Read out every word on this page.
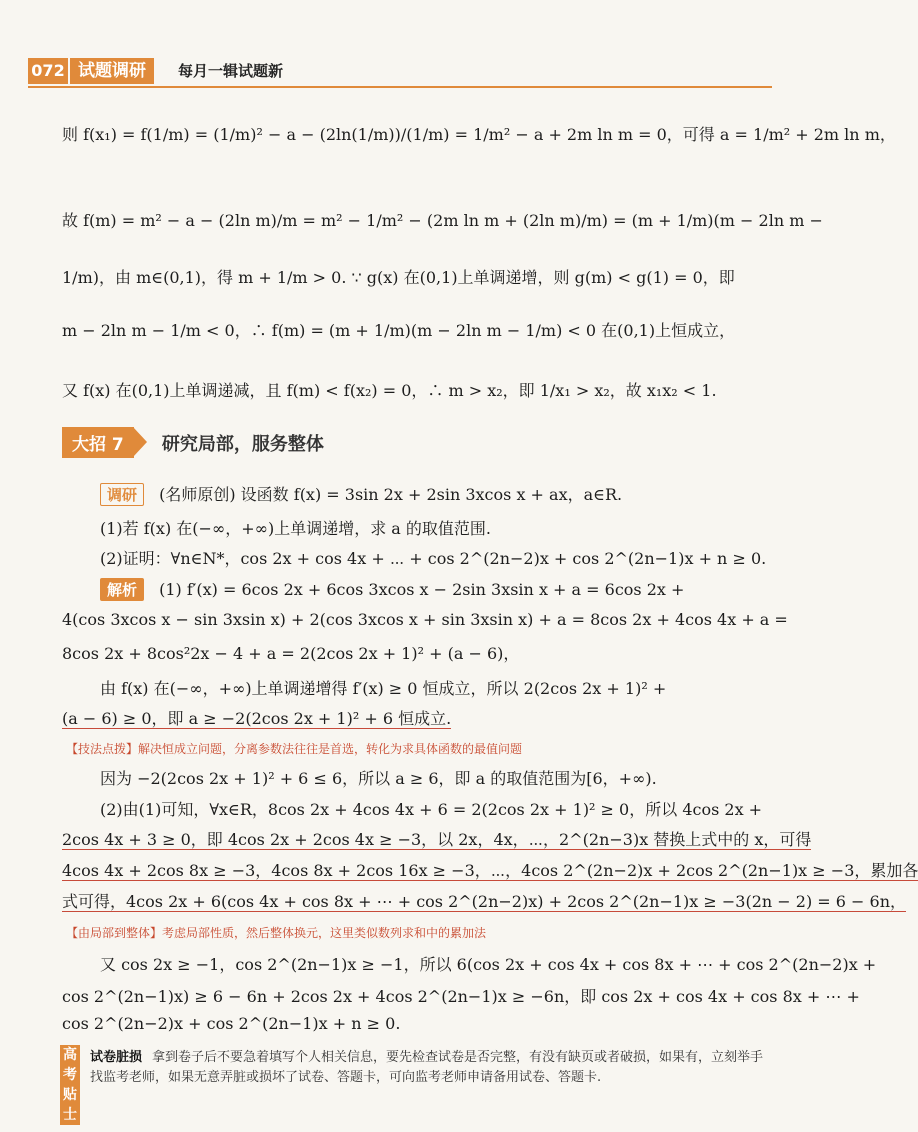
072 试题调研	每月一辑试题新
则 f(x₁) = f(1/m) = (1/m)² − a − (2ln(1/m))/(1/m) = 1/m² − a + 2m ln m = 0，可得 a = 1/m² + 2m ln m，
故 f(m) = m² − a − (2ln m)/m = m² − 1/m² − (2m ln m + (2ln m)/m) = (m + 1/m)(m − 2ln m −
1/m)，由 m∈(0,1)，得 m + 1/m > 0. ∵ g(x) 在(0,1)上单调递增，则 g(m) < g(1) = 0，即
m − 2ln m − 1/m < 0，∴ f(m) = (m + 1/m)(m − 2ln m − 1/m) < 0 在(0,1)上恒成立，
又 f(x) 在(0,1)上单调递减，且 f(m) < f(x₂) = 0，∴ m > x₂，即 1/x₁ > x₂，故 x₁x₂ < 1.
大招 7 研究局部，服务整体
调研 (名师原创) 设函数 f(x) = 3sin 2x + 2sin 3xcos x + ax，a∈R.
(1)若 f(x) 在(−∞，+∞)上单调递增，求 a 的取值范围.
(2)证明：∀n∈N*，cos 2x + cos 4x + ⋯ + cos 2^(2n−2)x + cos 2^(2n−1)x + n ≥ 0.
解析 (1) f′(x) = 6cos 2x + 6cos 3xcos x − 2sin 3xsin x + a = 6cos 2x +
4(cos 3xcos x − sin 3xsin x) + 2(cos 3xcos x + sin 3xsin x) + a = 8cos 2x + 4cos 4x + a =
8cos 2x + 8cos²2x − 4 + a = 2(2cos 2x + 1)² + (a − 6)，
由 f(x) 在(−∞，+∞)上单调递增得 f′(x) ≥ 0 恒成立，所以 2(2cos 2x + 1)² +
(a − 6) ≥ 0，即 a ≥ −2(2cos 2x + 1)² + 6 恒成立.
【技法点拨】解决恒成立问题，分离参数法往往是首选，转化为求具体函数的最值问题
因为 −2(2cos 2x + 1)² + 6 ≤ 6，所以 a ≥ 6，即 a 的取值范围为[6，+∞).
(2)由(1)可知，∀x∈R，8cos 2x + 4cos 4x + 6 = 2(2cos 2x + 1)² ≥ 0，所以 4cos 2x +
2cos 4x + 3 ≥ 0，即 4cos 2x + 2cos 4x ≥ −3，以 2x，4x，⋯，2^(2n−3)x 替换上式中的 x，可得
4cos 4x + 2cos 8x ≥ −3，4cos 8x + 2cos 16x ≥ −3，⋯，4cos 2^(2n−2)x + 2cos 2^(2n−1)x ≥ −3，累加各
式可得，4cos 2x + 6(cos 4x + cos 8x + ⋯ + cos 2^(2n−2)x) + 2cos 2^(2n−1)x ≥ −3(2n − 2) = 6 − 6n，
【由局部到整体】考虑局部性质，然后整体换元，这里类似数列求和中的累加法
又 cos 2x ≥ −1，cos 2^(2n−1)x ≥ −1，所以 6(cos 2x + cos 4x + cos 8x + ⋯ + cos 2^(2n−2)x +
cos 2^(2n−1)x) ≥ 6 − 6n + 2cos 2x + 4cos 2^(2n−1)x ≥ −6n，即 cos 2x + cos 4x + cos 8x + ⋯ +
cos 2^(2n−2)x + cos 2^(2n−1)x + n ≥ 0.
高考贴士
试卷脏损 拿到卷子后不要急着填写个人相关信息，要先检查试卷是否完整，有没有缺页或者破损，如果有，立刻举手找监考老师，如果无意弄脏或损坏了试卷、答题卡，可向监考老师申请备用试卷、答题卡.
